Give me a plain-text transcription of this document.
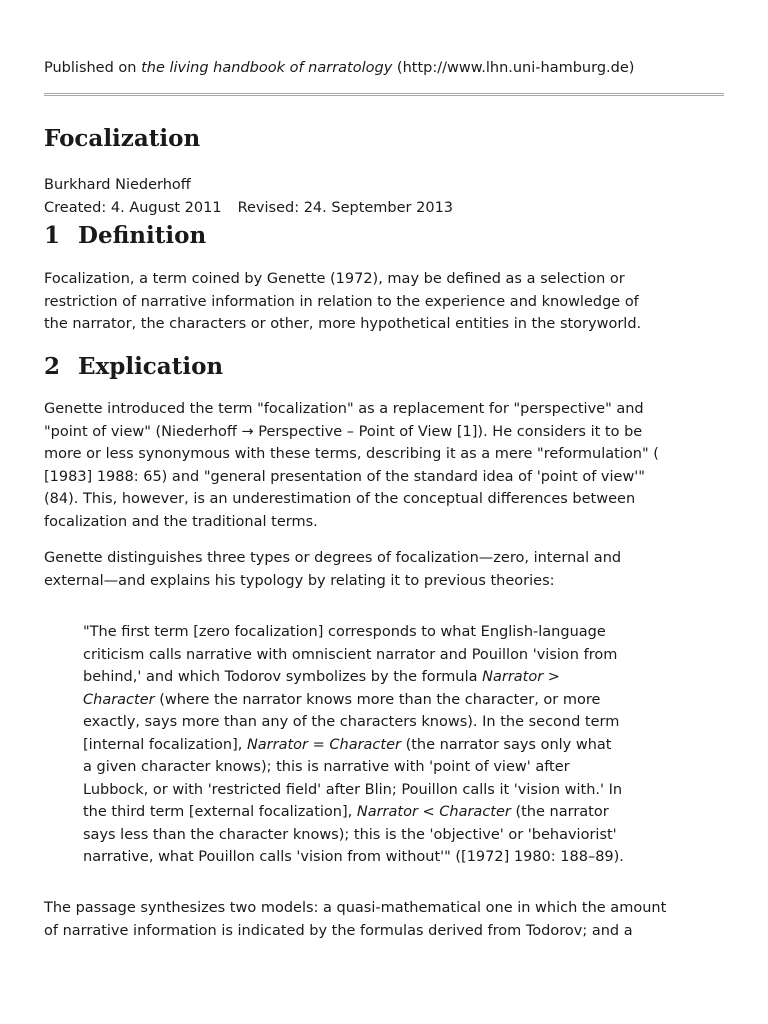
Published on the living handbook of narratology (http://www.lhn.uni-hamburg.de)
Focalization
Burkhard Niederhoff
Created: 4. August 2011 Revised: 24. September 2013
1 Definition
Focalization, a term coined by Genette (1972), may be defined as a selection or
restriction of narrative information in relation to the experience and knowledge of
the narrator, the characters or other, more hypothetical entities in the storyworld.
2 Explication
Genette introduced the term "focalization" as a replacement for "perspective" and
"point of view" (Niederhoff → Perspective – Point of View [1]). He considers it to be
more or less synonymous with these terms, describing it as a mere "reformulation" (
[1983] 1988: 65) and "general presentation of the standard idea of 'point of view'"
(84). This, however, is an underestimation of the conceptual differences between
focalization and the traditional terms.
Genette distinguishes three types or degrees of focalization—zero, internal and
external—and explains his typology by relating it to previous theories:
"The first term [zero focalization] corresponds to what English-language
criticism calls narrative with omniscient narrator and Pouillon 'vision from
behind,' and which Todorov symbolizes by the formula Narrator >
Character (where the narrator knows more than the character, or more
exactly, says more than any of the characters knows). In the second term
[internal focalization], Narrator = Character (the narrator says only what
a given character knows); this is narrative with 'point of view' after
Lubbock, or with 'restricted field' after Blin; Pouillon calls it 'vision with.' In
the third term [external focalization], Narrator < Character (the narrator
says less than the character knows); this is the 'objective' or 'behaviorist'
narrative, what Pouillon calls 'vision from without'" ([1972] 1980: 188–89).
The passage synthesizes two models: a quasi-mathematical one in which the amount
of narrative information is indicated by the formulas derived from Todorov; and a
